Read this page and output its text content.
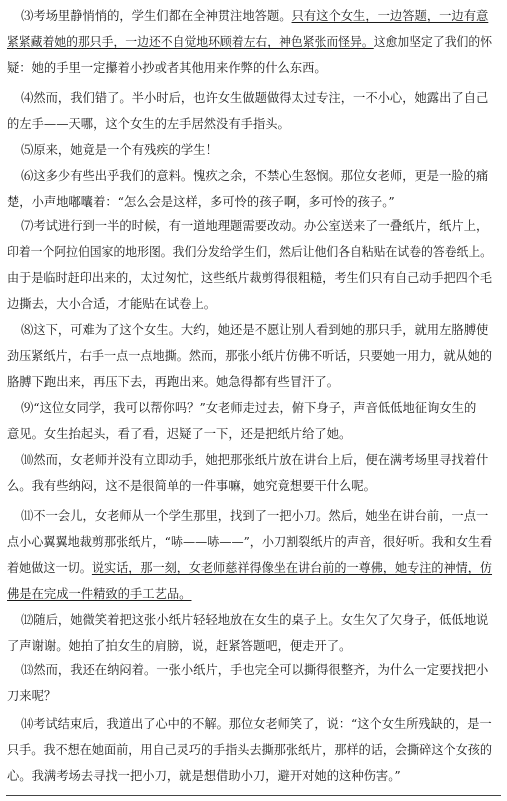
⑶考场里静悄悄的，学生们都在全神贯注地答题。只有这个女生，一边答题，一边有意
紧紧藏着她的那只手，一边还不自觉地环顾着左右，神色紧张而怪异。这愈加坚定了我们的怀
疑：她的手里一定攥着小抄或者其他用来作弊的什么东西。
⑷然而，我们错了。半小时后，也许女生做题做得太过专注，一不小心，她露出了自己
的左手——天哪，这个女生的左手居然没有手指头。
⑸原来，她竟是一个有残疾的学生！
⑹这多少有些出乎我们的意料。愧疚之余，不禁心生怒悯。那位女老师，更是一脸的痛
楚，小声地嘟囔着：“怎么会是这样，多可怜的孩子啊，多可怜的孩子。”
⑺考试进行到一半的时候，有一道地理题需要改动。办公室送来了一叠纸片，纸片上，
印着一个阿拉伯国家的地形图。我们分发给学生们，然后让他们各自粘贴在试卷的答卷纸上。
由于是临时赶印出来的，太过匆忙，这些纸片裁剪得很粗糙，考生们只有自己动手把四个毛
边撕去，大小合适，才能贴在试卷上。
⑻这下，可难为了这个女生。大约，她还是不愿让别人看到她的那只手，就用左胳膊使
劲压紧纸片，右手一点一点地撕。然而，那张小纸片仿佛不听话，只要她一用力，就从她的
胳膊下跑出来，再压下去，再跑出来。她急得都有些冒汗了。
⑼“这位女同学，我可以帮你吗？”女老师走过去，俯下身子，声音低低地征询女生的
意见。女生抬起头，看了看，迟疑了一下，还是把纸片给了她。
⑽然而，女老师并没有立即动手，她把那张纸片放在讲台上后，便在满考场里寻找着什
么。我有些纳闷，这不是很简单的一件事嘛，她究竟想要干什么呢。
⑾不一会儿，女老师从一个学生那里，找到了一把小刀。然后，她坐在讲台前，一点一
点小心翼翼地裁剪那张纸片，“哧——哧——”，小刀割裂纸片的声音，很好听。我和女生看
着她做这一切。说实话，那一刻，女老师慈祥得像坐在讲台前的一尊佛，她专注的神情，仿
佛是在完成一件精致的手工艺品。
⑿随后，她微笑着把这张小纸片轻轻地放在女生的桌子上。女生欠了欠身子，低低地说
了声谢谢。她拍了拍女生的肩膀，说，赶紧答题吧，便走开了。
⒀然而，我还在纳闷着。一张小纸片，手也完全可以撕得很整齐，为什么一定要找把小
刀来呢？
⒁考试结束后，我道出了心中的不解。那位女老师笑了，说：“这个女生所残缺的，是一
只手。我不想在她面前，用自己灵巧的手指头去撕那张纸片，那样的话，会撕碎这个女孩的
心。我满考场去寻找一把小刀，就是想借助小刀，避开对她的这种伤害。”
